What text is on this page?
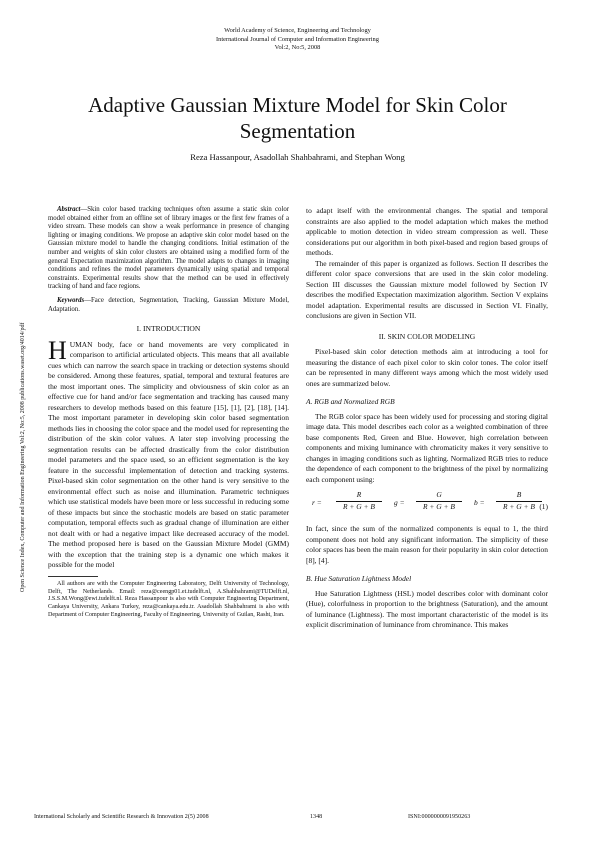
World Academy of Science, Engineering and Technology
International Journal of Computer and Information Engineering
Vol:2, No:5, 2008
Adaptive Gaussian Mixture Model for Skin Color Segmentation
Reza Hassanpour, Asadollah Shahbahrami, and Stephan Wong
Open Science Index, Computer and Information Engineering Vol:2, No:5, 2008 publications.waset.org/4014/pdf

Abstract—Skin color based tracking techniques often assume a static skin color model obtained either from an offline set of library images or the first few frames of a video stream. These models can show a weak performance in presence of changing lighting or imaging conditions. We propose an adaptive skin color model based on the Gaussian mixture model to handle the changing conditions. Initial estimation of the number and weights of skin color clusters are obtained using a modified form of the general Expectation maximization algorithm. The model adapts to changes in imaging conditions and refines the model parameters dynamically using spatial and temporal constraints. Experimental results show that the method can be used in effectively tracking of hand and face regions.

Keywords—Face detection, Segmentation, Tracking, Gaussian Mixture Model, Adaptation.

I. INTRODUCTION

HUMAN body, face or hand movements are very complicated in comparison to artificial articulated objects. This means that all available cues which can narrow the search space in tracking or detection systems should be considered. Among these features, spatial, temporal and textural features are the most important ones. The simplicity and obviousness of skin color as an effective cue for hand and/or face segmentation and tracking has caused many researchers to develop methods based on this feature [15], [1], [2], [18], [14]. The most important parameter in developing skin color based segmentation methods lies in choosing the color space and the model used for representing the distribution of the skin color values. A later step involving processing the segmentation results can be affected drastically from the color distribution model parameters and the space used, so an efficient segmentation is the key feature in the successful implementation of detection and tracking systems. Pixel-based skin color segmentation on the other hand is very sensitive to the environmental effect such as noise and illumination. Parametric techniques which use statistical models have been more or less successful in reducing some of these impacts but since the stochastic models are based on static parameter computation, temporal effects such as gradual change of illumination are either not dealt with or had a negative impact like decreased accuracy of the model. The method proposed here is based on the Gaussian Mixture Model (GMM) with the exception that the training step is a dynamic one which makes it possible for the model

All authors are with the Computer Engineering Laboratory, Delft University of Technology, Delft, The Netherlands. Email: reza@ceengp01.et.tudelft.nl, A.Shahbahrami@TUDelft.nl, J.S.S.M.Wong@ewi.tudelft.nl. Reza Hassanpour is also with Computer Engineering Department, Cankaya University, Ankara Turkey, reza@cankaya.edu.tr. Asadollah Shahbahrami is also with Department of Computer Engineering, Faculty of Engineering, University of Guilan, Rasht, Iran.

to adapt itself with the environmental changes. The spatial and temporal constraints are also applied to the model adaptation which makes the method applicable to motion detection in video stream compression as well. These considerations put our algorithm in both pixel-based and region based groups of methods.

The remainder of this paper is organized as follows. Section II describes the different color space conversions that are used in the skin color modeling. Section III discusses the Gaussian mixture model followed by Section IV describes the modified Expectation maximization algorithm. Section V explains model adaptation. Experimental results are discussed in Section VI. Finally, conclusions are given in Section VII.

II. SKIN COLOR MODELING

Pixel-based skin color detection methods aim at introducing a tool for measuring the distance of each pixel color to skin color tones. The color itself can be represented in many different ways among which the most widely used ones are summarized below.

A. RGB and Normalized RGB

The RGB color space has been widely used for processing and storing digital image data. This model describes each color as a weighted combination of three base components Red, Green and Blue. However, high correlation between components and mixing luminance with chromaticity makes it very sensitive to changes in imaging conditions such as lighting. Normalized RGB tries to reduce the dependence of each component to the brightness of the pixel by normalizing each component using:

$r = \frac{R}{R + G + B}$ $g = \frac{G}{R + G + B}$ $b = \frac{B}{R + G + B}$
(1)

In fact, since the sum of the normalized components is equal to 1, the third component does not hold any significant information. The simplicity of these color spaces has been the main reason for their popularity in skin color detection [8], [4].

B. Hue Saturation Lightness Model

Hue Saturation Lightness (HSL) model describes color with dominant color (Hue), colorfulness in proportion to the brightness (Saturation), and the amount of luminance (Lightness). The most important characteristic of the model is its explicit discrimination of luminance from chrominance. This makes

International Scholarly and Scientific Research & Innovation 2(5) 2008	1348	ISNI:0000000091950263
